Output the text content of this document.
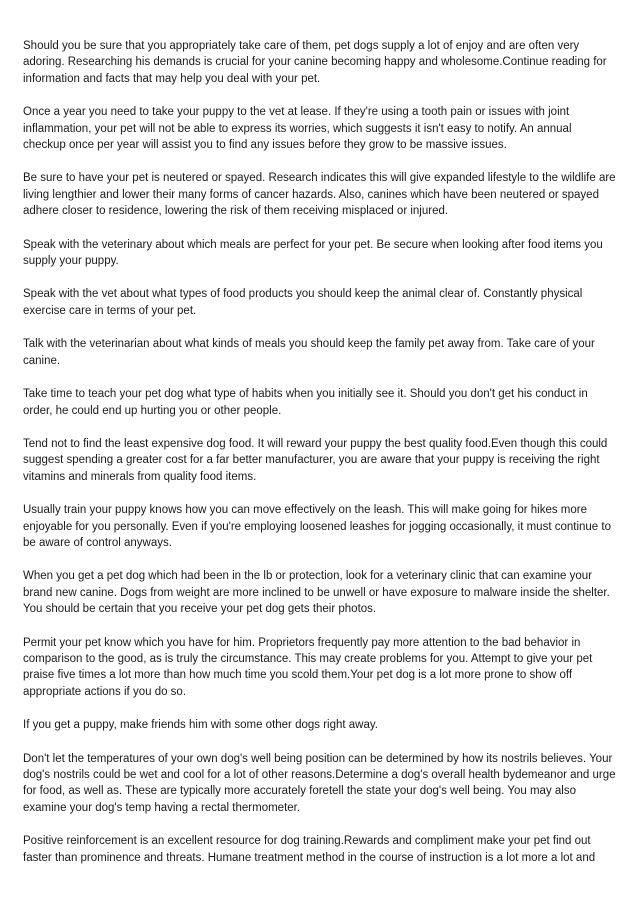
Should you be sure that you appropriately take care of them, pet dogs supply a lot of enjoy and are often very adoring. Researching his demands is crucial for your canine becoming happy and wholesome.Continue reading for information and facts that may help you deal with your pet.

Once a year you need to take your puppy to the vet at lease. If they're using a tooth pain or issues with joint inflammation, your pet will not be able to express its worries, which suggests it isn't easy to notify. An annual checkup once per year will assist you to find any issues before they grow to be massive issues.

Be sure to have your pet is neutered or spayed. Research indicates this will give expanded lifestyle to the wildlife are living lengthier and lower their many forms of cancer hazards. Also, canines which have been neutered or spayed adhere closer to residence, lowering the risk of them receiving misplaced or injured.

Speak with the veterinary about which meals are perfect for your pet. Be secure when looking after food items you supply your puppy.

Speak with the vet about what types of food products you should keep the animal clear of. Constantly physical exercise care in terms of your pet.

Talk with the veterinarian about what kinds of meals you should keep the family pet away from. Take care of your canine.

Take time to teach your pet dog what type of habits when you initially see it. Should you don't get his conduct in order, he could end up hurting you or other people.

Tend not to find the least expensive dog food. It will reward your puppy the best quality food.Even though this could suggest spending a greater cost for a far better manufacturer, you are aware that your puppy is receiving the right vitamins and minerals from quality food items.

Usually train your puppy knows how you can move effectively on the leash. This will make going for hikes more enjoyable for you personally. Even if you're employing loosened leashes for jogging occasionally, it must continue to be aware of control anyways.

When you get a pet dog which had been in the lb or protection, look for a veterinary clinic that can examine your brand new canine. Dogs from weight are more inclined to be unwell or have exposure to malware inside the shelter. You should be certain that you receive your pet dog gets their photos.

Permit your pet know which you have for him. Proprietors frequently pay more attention to the bad behavior in comparison to the good, as is truly the circumstance. This may create problems for you. Attempt to give your pet praise five times a lot more than how much time you scold them.Your pet dog is a lot more prone to show off appropriate actions if you do so.

If you get a puppy, make friends him with some other dogs right away.

Don't let the temperatures of your own dog's well being position can be determined by how its nostrils believes. Your dog's nostrils could be wet and cool for a lot of other reasons.Determine a dog's overall health bydemeanor and urge for food, as well as. These are typically more accurately foretell the state your dog's well being. You may also examine your dog's temp having a rectal thermometer.

Positive reinforcement is an excellent resource for dog training.Rewards and compliment make your pet find out faster than prominence and threats. Humane treatment method in the course of instruction is a lot more a lot and
